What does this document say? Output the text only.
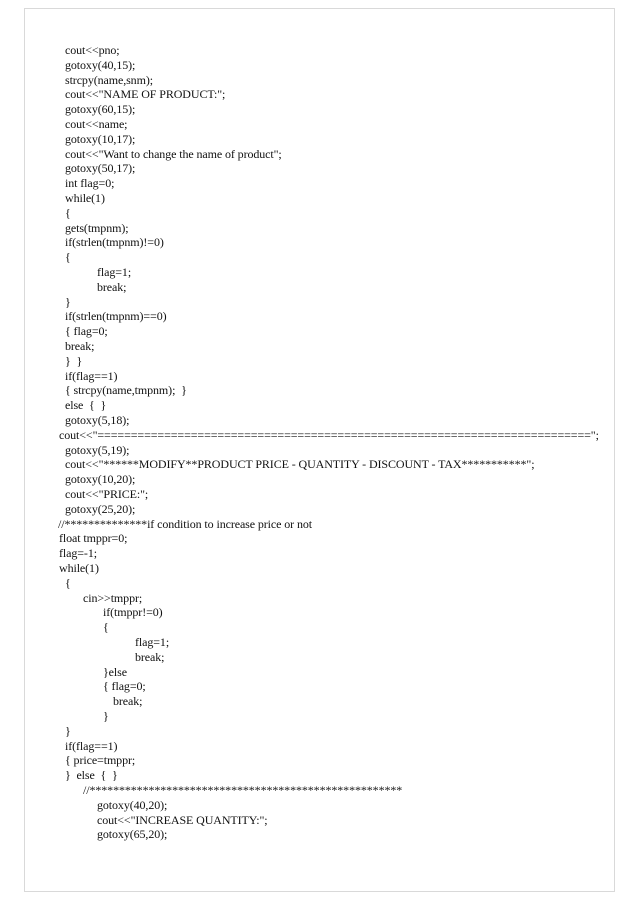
cout<<pno;
gotoxy(40,15);
strcpy(name,snm);
cout<<"NAME OF PRODUCT:";
gotoxy(60,15);
cout<<name;
gotoxy(10,17);
cout<<"Want to change the name of product";
gotoxy(50,17);
int flag=0;
while(1)
{
gets(tmpnm);
if(strlen(tmpnm)!=0)
{
flag=1;
break;
}
if(strlen(tmpnm)==0)
{ flag=0;
break;
}  }
if(flag==1)
{ strcpy(name,tmpnm);  }
else  {  }
gotoxy(5,18);
cout<<"==========================================================================";
gotoxy(5,19);
cout<<"******MODIFY**PRODUCT PRICE - QUANTITY - DISCOUNT - TAX***********";
gotoxy(10,20);
cout<<"PRICE:";
gotoxy(25,20);
//**************if condition to increase price or not
float tmppr=0;
flag=-1;
while(1)
{
cin>>tmppr;
if(tmppr!=0)
{
flag=1;
break;
}else
{ flag=0;
break;
}
}
if(flag==1)
{ price=tmppr;
}  else  {  }
//*****************************************************
gotoxy(40,20);
cout<<"INCREASE QUANTITY:";
gotoxy(65,20);
